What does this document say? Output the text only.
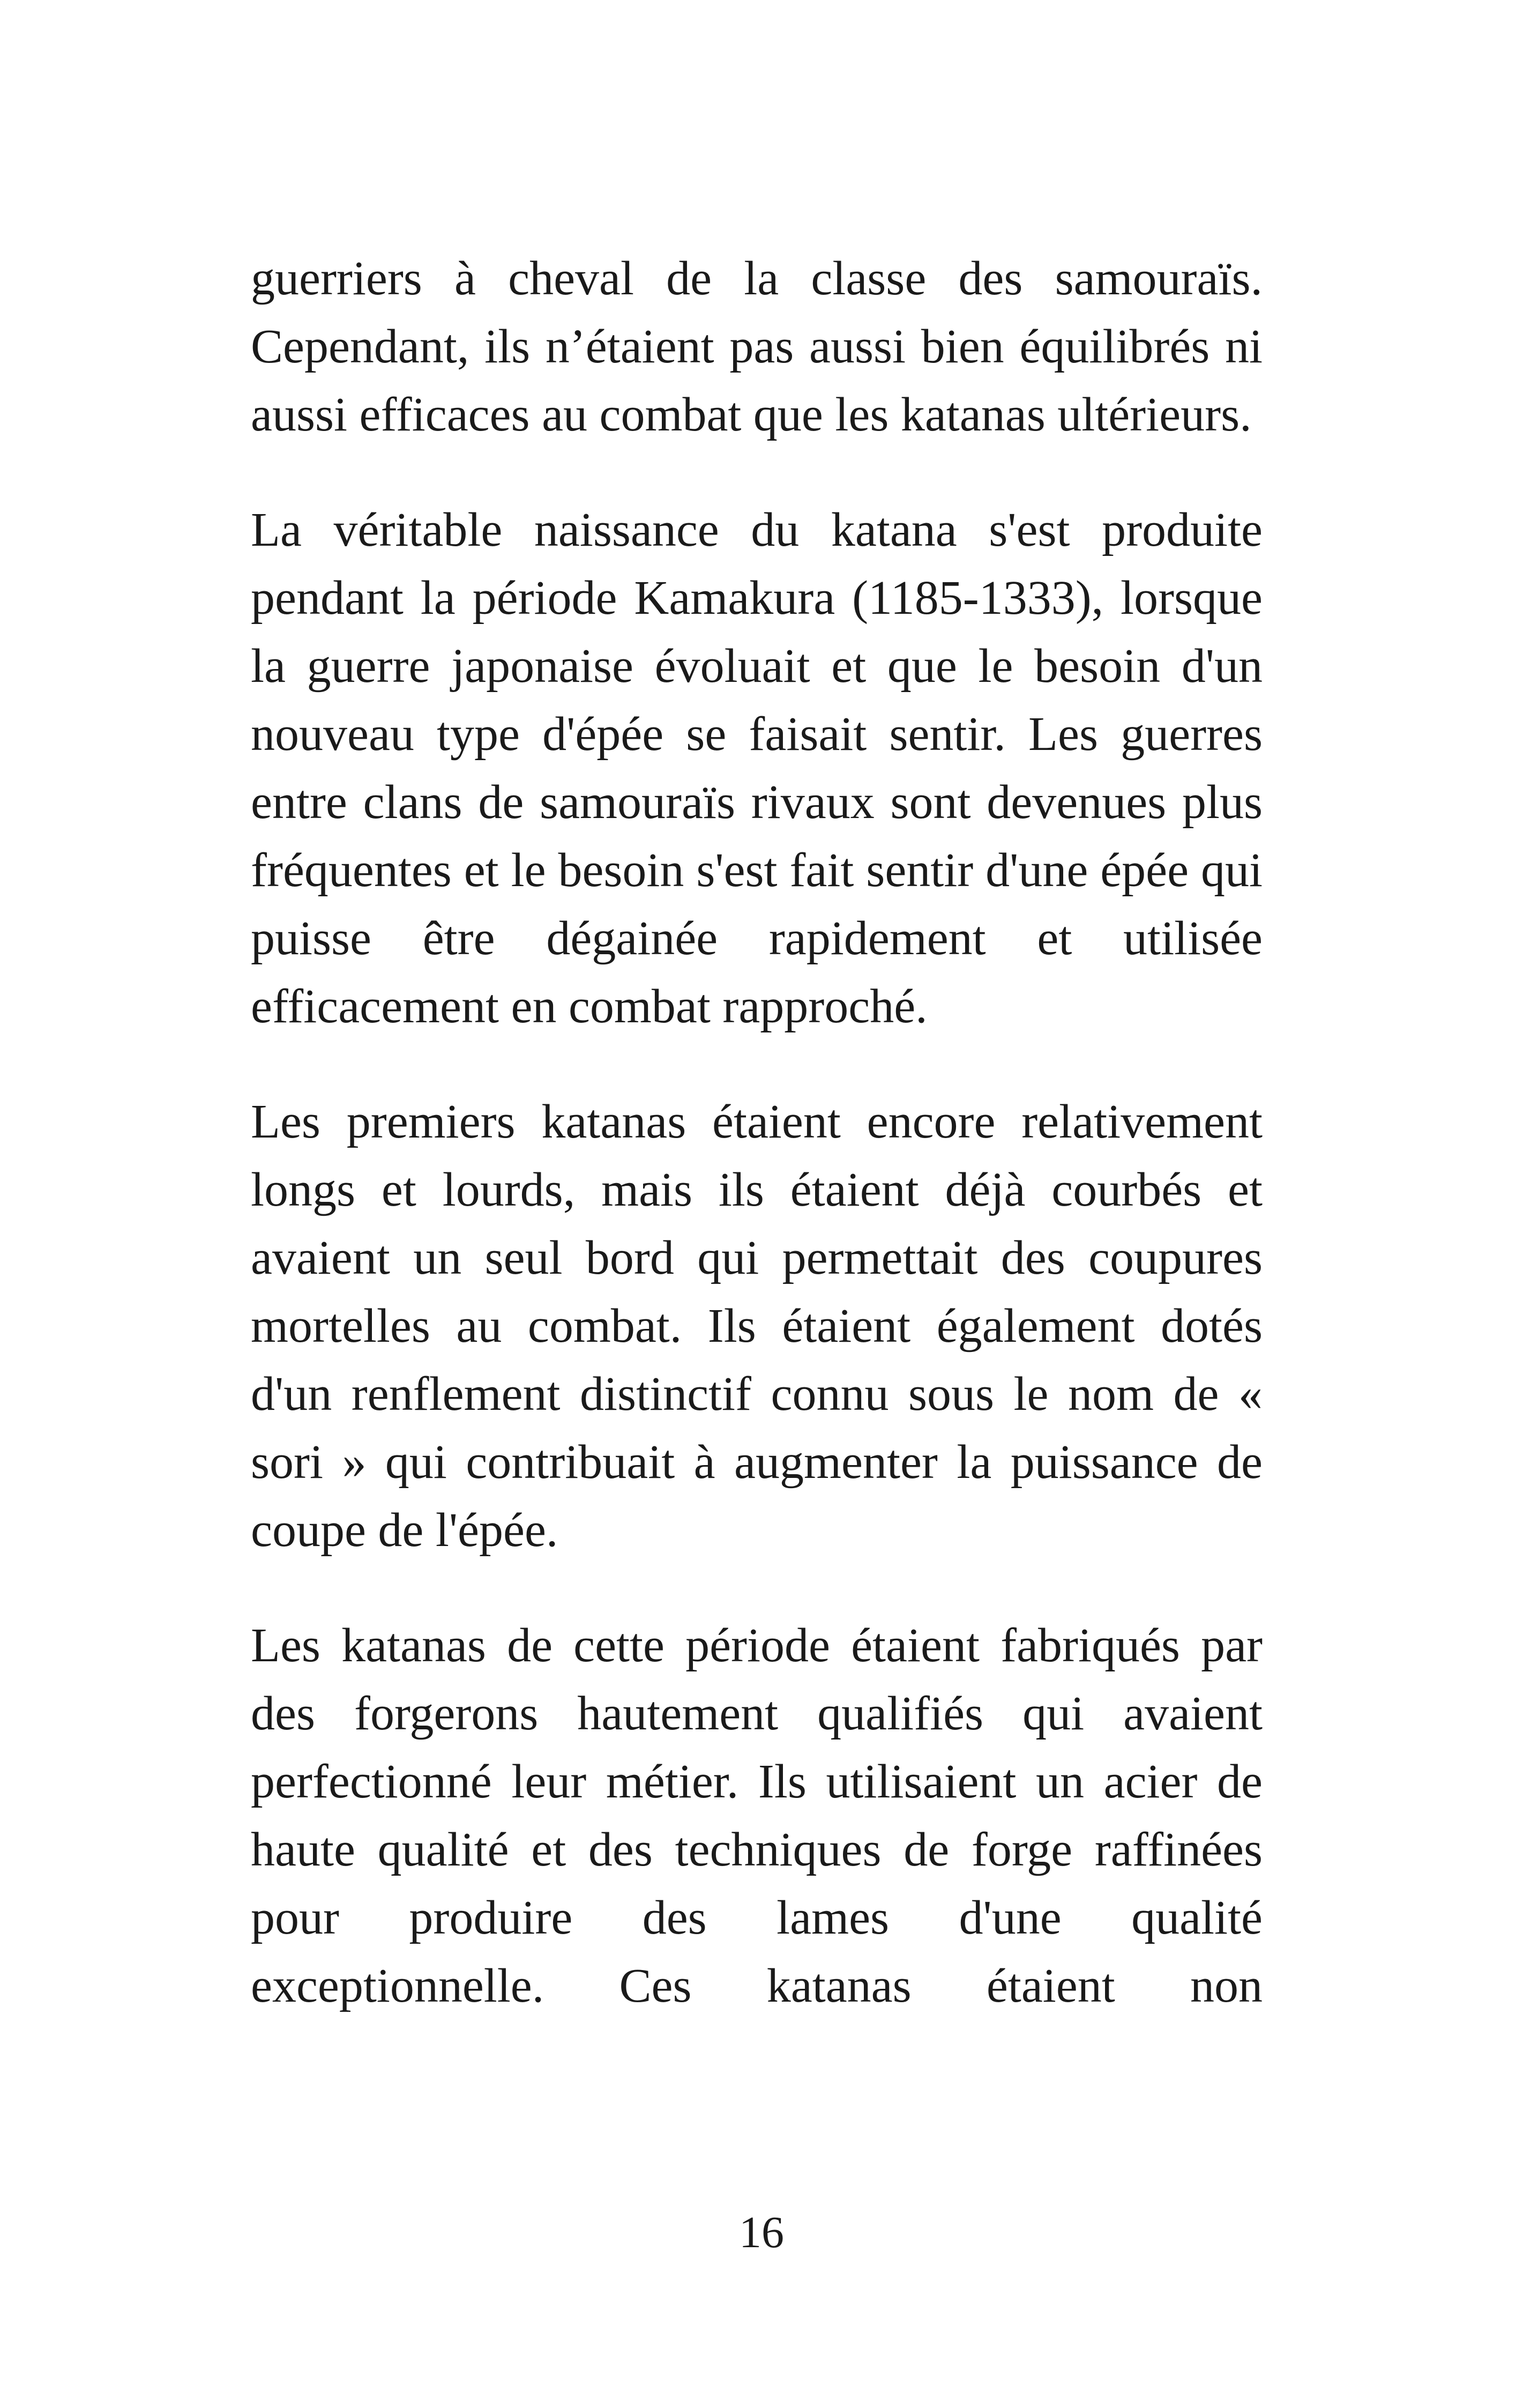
guerriers à cheval de la classe des samouraïs. Cependant, ils n’étaient pas aussi bien équilibrés ni aussi efficaces au combat que les katanas ultérieurs.

La véritable naissance du katana s'est produite pendant la période Kamakura (1185-1333), lorsque la guerre japonaise évoluait et que le besoin d'un nouveau type d'épée se faisait sentir. Les guerres entre clans de samouraïs rivaux sont devenues plus fréquentes et le besoin s'est fait sentir d'une épée qui puisse être dégainée rapidement et utilisée efficacement en combat rapproché.

Les premiers katanas étaient encore relativement longs et lourds, mais ils étaient déjà courbés et avaient un seul bord qui permettait des coupures mortelles au combat. Ils étaient également dotés d'un renflement distinctif connu sous le nom de « sori » qui contribuait à augmenter la puissance de coupe de l'épée.

Les katanas de cette période étaient fabriqués par des forgerons hautement qualifiés qui avaient perfectionné leur métier. Ils utilisaient un acier de haute qualité et des techniques de forge raffinées pour produire des lames d'une qualité exceptionnelle. Ces katanas étaient non

16
